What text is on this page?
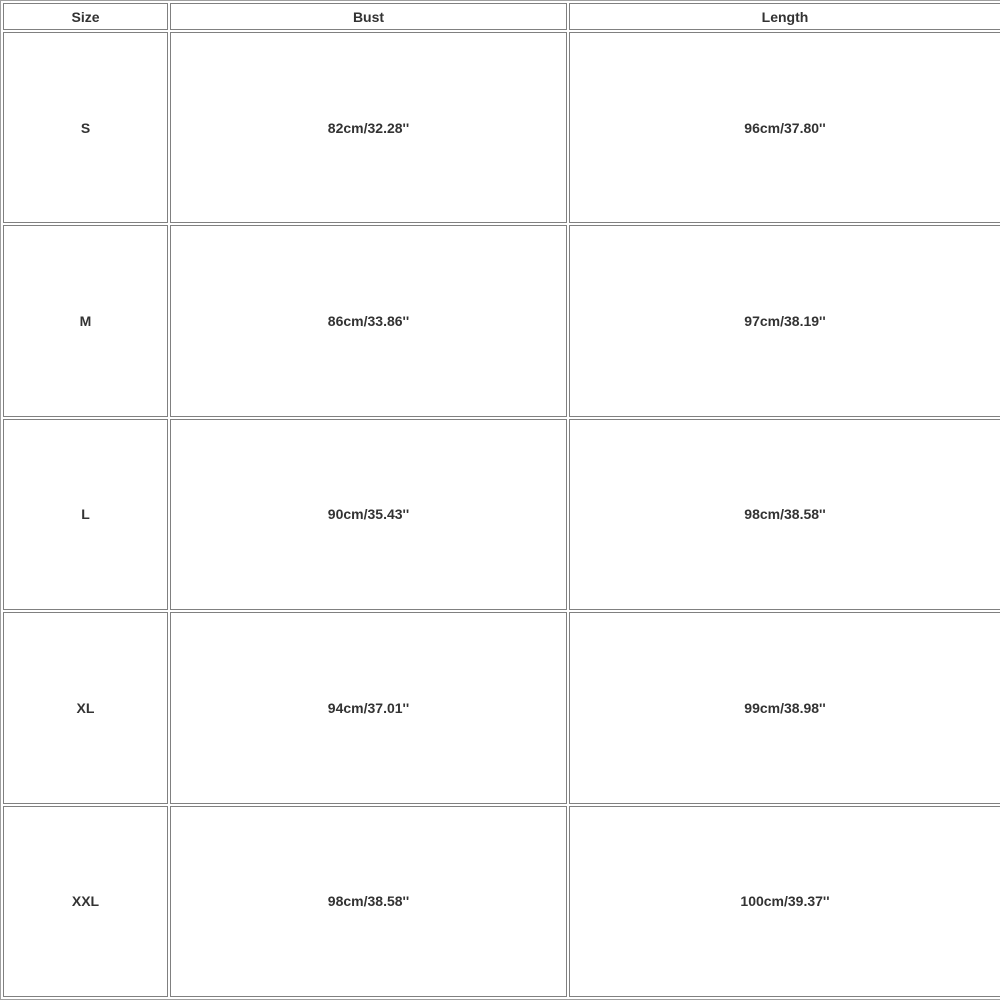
Size	Bust	Length
S	82cm/32.28''	96cm/37.80''
M	86cm/33.86''	97cm/38.19''
L	90cm/35.43''	98cm/38.58''
XL	94cm/37.01''	99cm/38.98''
XXL	98cm/38.58''	100cm/39.37''
